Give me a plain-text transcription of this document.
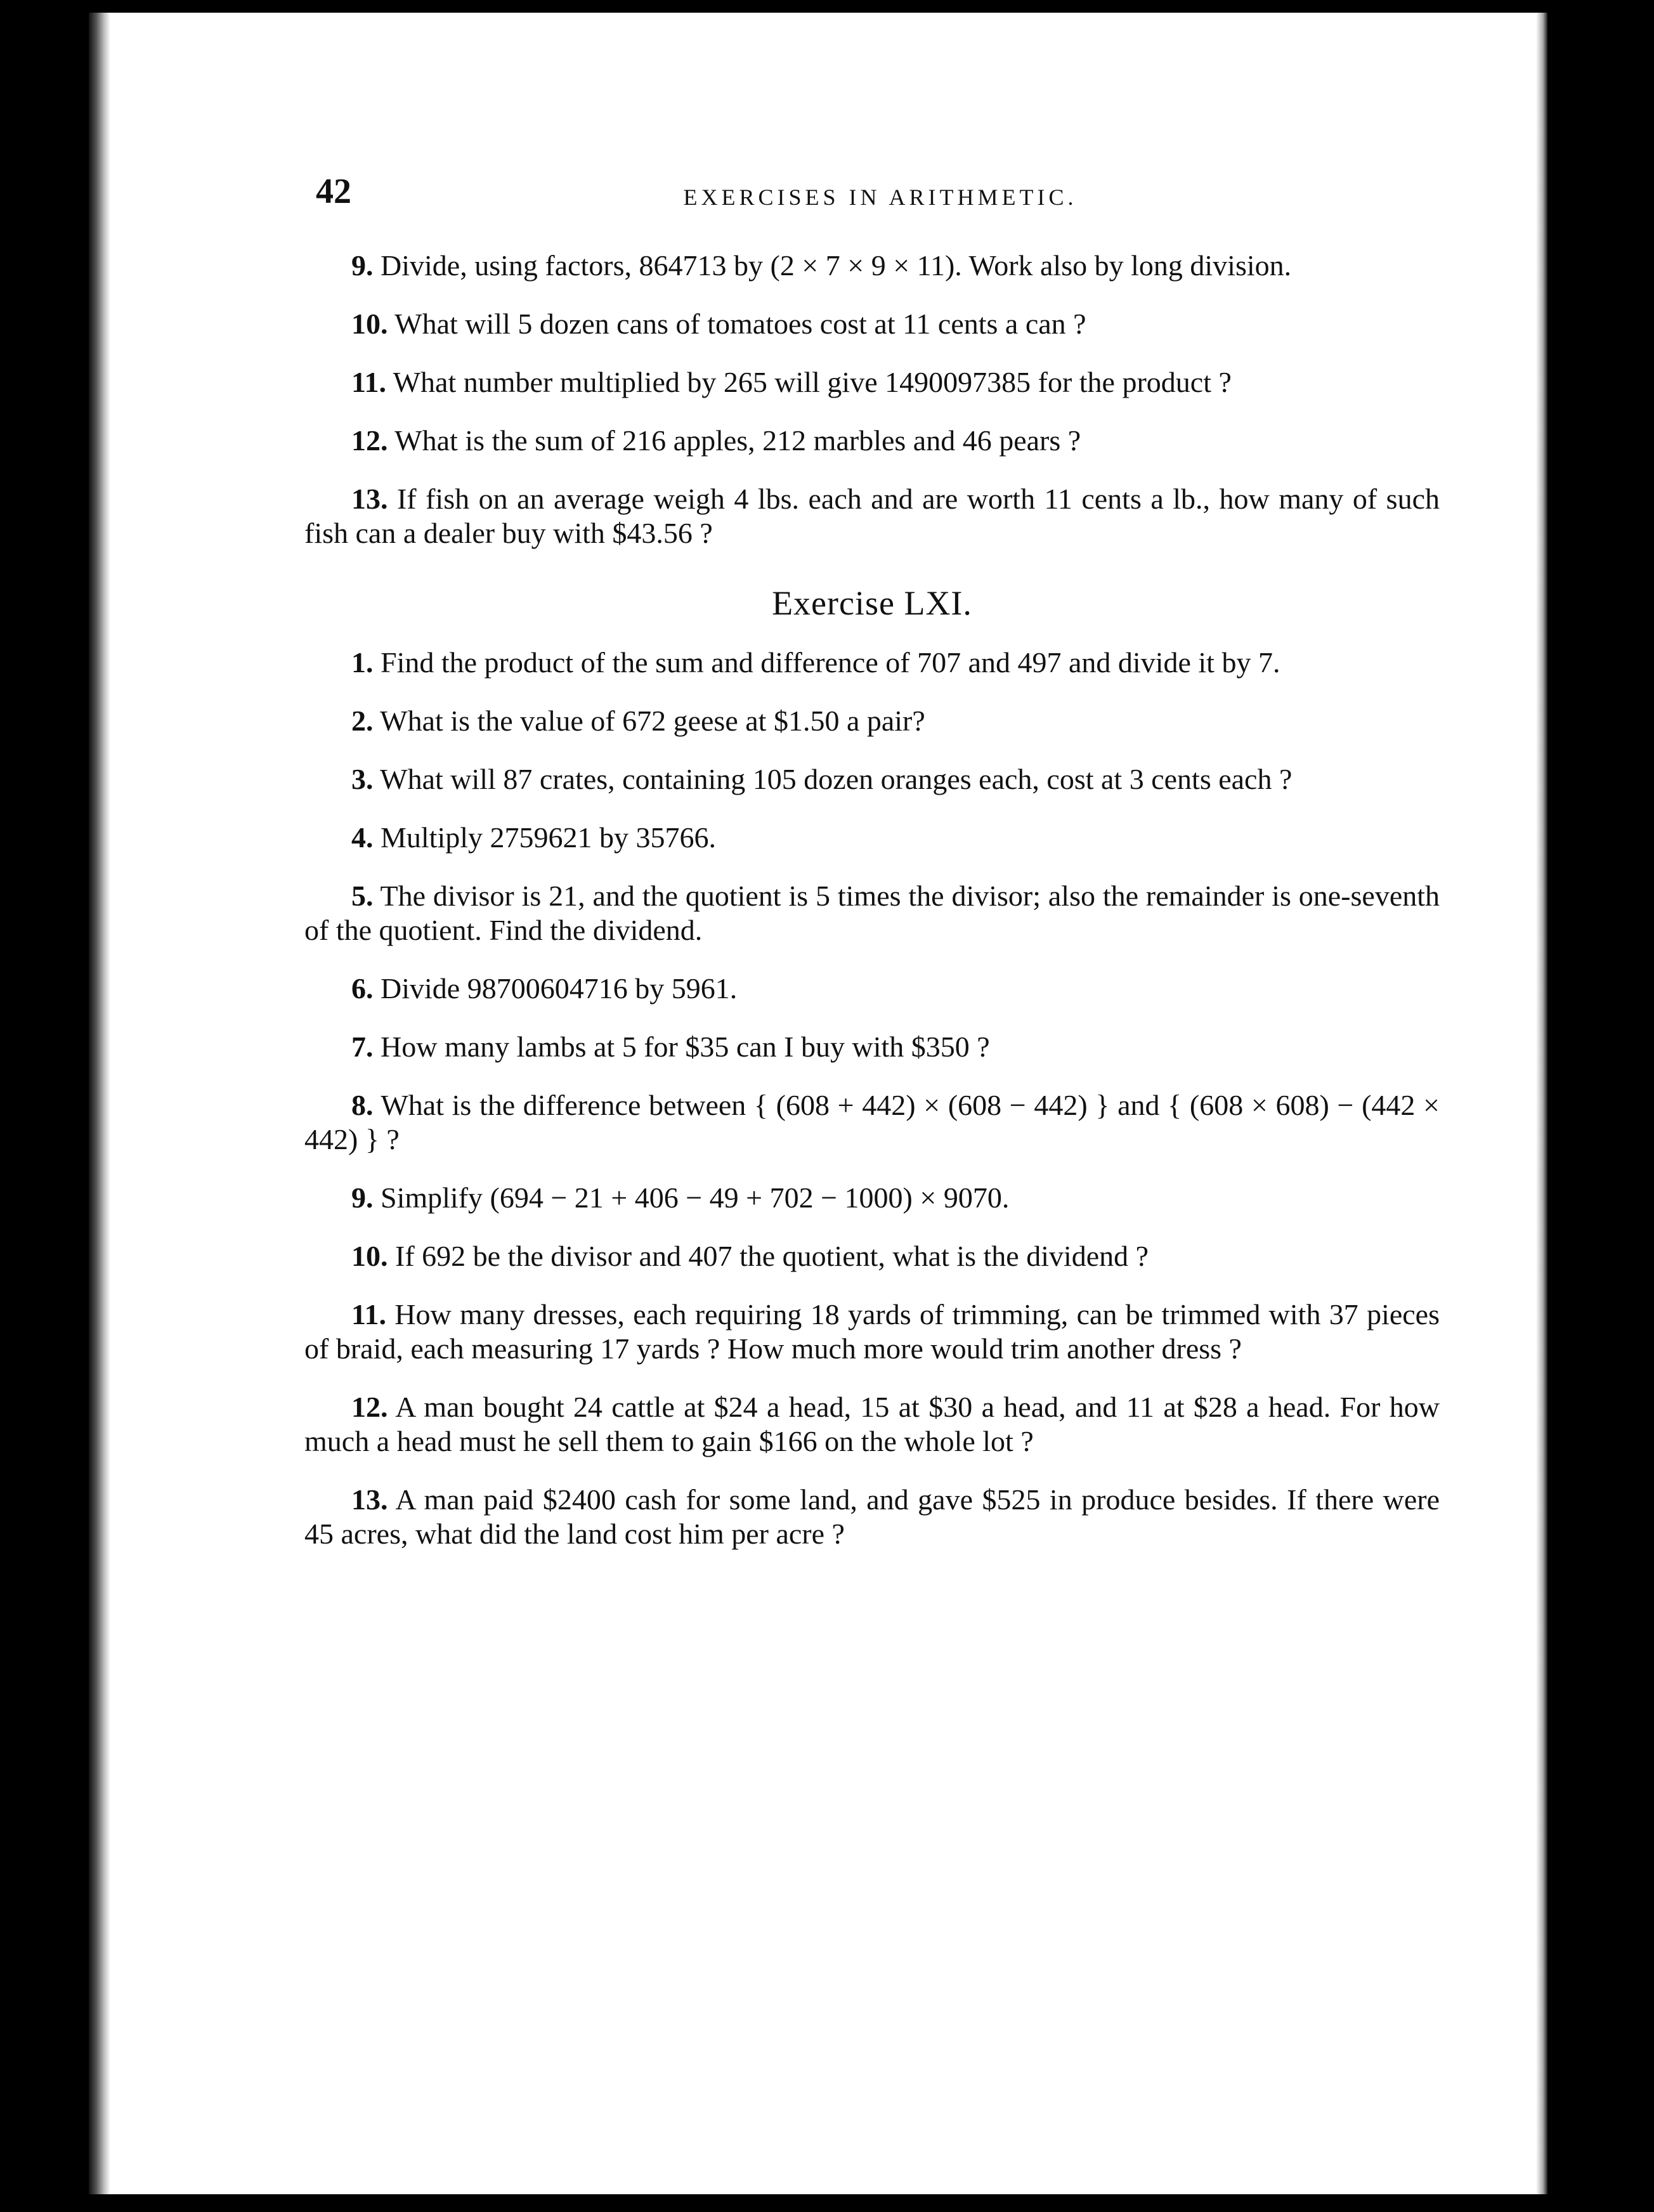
42	EXERCISES IN ARITHMETIC.

9. Divide, using factors, 864713 by (2 × 7 × 9 × 11). Work also by long division.

10. What will 5 dozen cans of tomatoes cost at 11 cents a can ?

11. What number multiplied by 265 will give 1490097385 for the product ?

12. What is the sum of 216 apples, 212 marbles and 46 pears ?

13. If fish on an average weigh 4 lbs. each and are worth 11 cents a lb., how many of such fish can a dealer buy with $43.56 ?

Exercise LXI.

1. Find the product of the sum and difference of 707 and 497 and divide it by 7.

2. What is the value of 672 geese at $1.50 a pair?

3. What will 87 crates, containing 105 dozen oranges each, cost at 3 cents each ?

4. Multiply 2759621 by 35766.

5. The divisor is 21, and the quotient is 5 times the divisor; also the remainder is one-seventh of the quotient. Find the dividend.

6. Divide 98700604716 by 5961.

7. How many lambs at 5 for $35 can I buy with $350 ?

8. What is the difference between { (608 + 442) × (608 − 442) } and { (608 × 608) − (442 × 442) } ?

9. Simplify (694 − 21 + 406 − 49 + 702 − 1000) × 9070.

10. If 692 be the divisor and 407 the quotient, what is the dividend ?

11. How many dresses, each requiring 18 yards of trimming, can be trimmed with 37 pieces of braid, each measuring 17 yards ? How much more would trim another dress ?

12. A man bought 24 cattle at $24 a head, 15 at $30 a head, and 11 at $28 a head. For how much a head must he sell them to gain $166 on the whole lot ?

13. A man paid $2400 cash for some land, and gave $525 in produce besides. If there were 45 acres, what did the land cost him per acre ?
